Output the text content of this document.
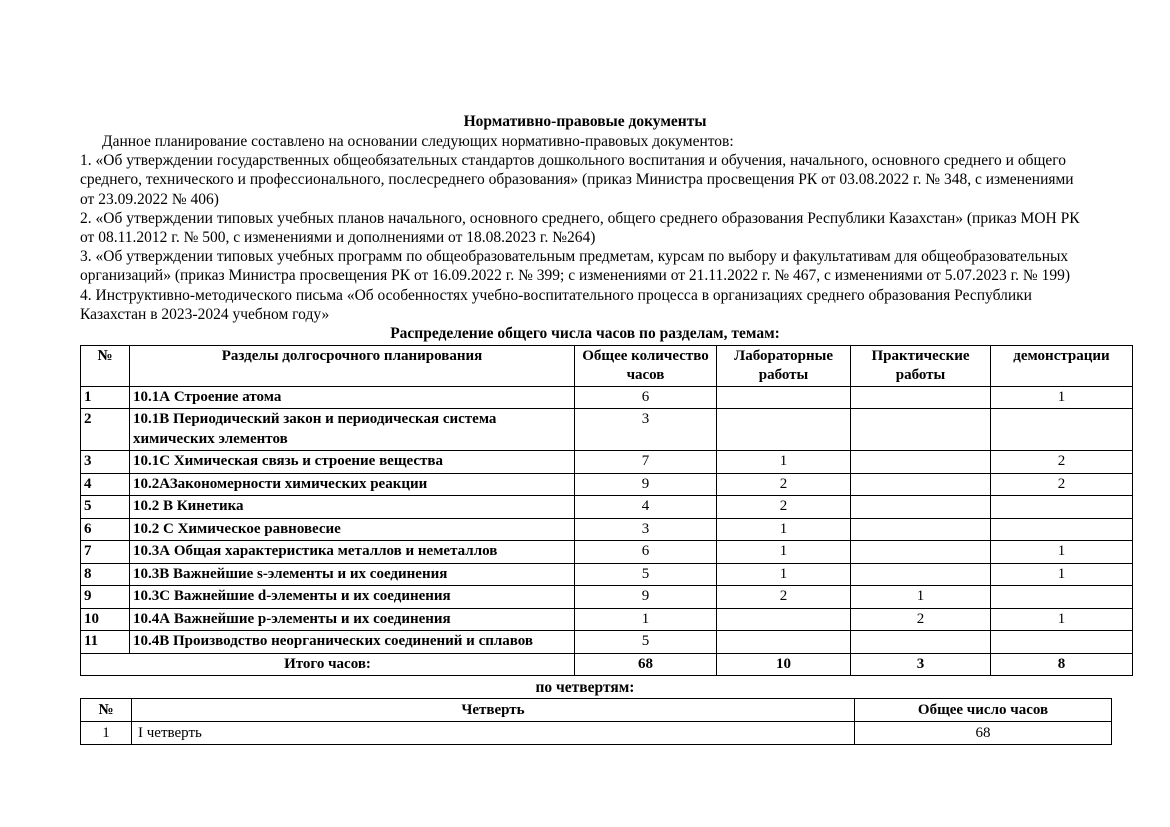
Нормативно-правовые документы

Данное планирование составлено на основании следующих нормативно-правовых документов:

1. «Об утверждении государственных общеобязательных стандартов дошкольного воспитания и обучения, начального, основного среднего и общего среднего, технического и профессионального, послесреднего образования» (приказ Министра просвещения РК от 03.08.2022 г. № 348, с изменениями от 23.09.2022 № 406)

2. «Об утверждении типовых учебных планов начального, основного среднего, общего среднего образования Республики Казахстан» (приказ МОН РК от 08.11.2012 г. № 500, с изменениями и дополнениями от 18.08.2023 г. №264)

3. «Об утверждении типовых учебных программ по общеобразовательным предметам, курсам по выбору и факультативам для общеобразовательных организаций» (приказ Министра просвещения РК от 16.09.2022 г. № 399; с изменениями от 21.11.2022 г. № 467, с изменениями от 5.07.2023 г. № 199)

4. Инструктивно-методического письма «Об особенностях учебно-воспитательного процесса в организациях среднего образования Республики Казахстан в 2023-2024 учебном году»

Распределение общего числа часов по разделам, темам:
№	Разделы долгосрочного планирования	Общее количество часов	Лабораторные работы	Практические работы	демонстрации
1	10.1А Строение атома	6			1
2	10.1В Периодический закон и периодическая система химических элементов	3			
3	10.1С Химическая связь и строение вещества	7	1		2
4	10.2АЗакономерности химических реакции	9	2		2
5	10.2 В Кинетика	4	2		
6	10.2 С Химическое равновесие	3	1		
7	10.3А Общая характеристика металлов и неметаллов	6	1		1
8	10.3В Важнейшие s-элементы и их соединения	5	1		1
9	10.3С Важнейшие d-элементы и их соединения	9	2	1	
10	10.4А Важнейшие р-элементы и их соединения	1		2	1
11	10.4В Производство неорганических соединений и сплавов	5			
Итого часов:		68	10	3	8
по четвертям:
№	Четверть	Общее число часов
1	I четверть	68
